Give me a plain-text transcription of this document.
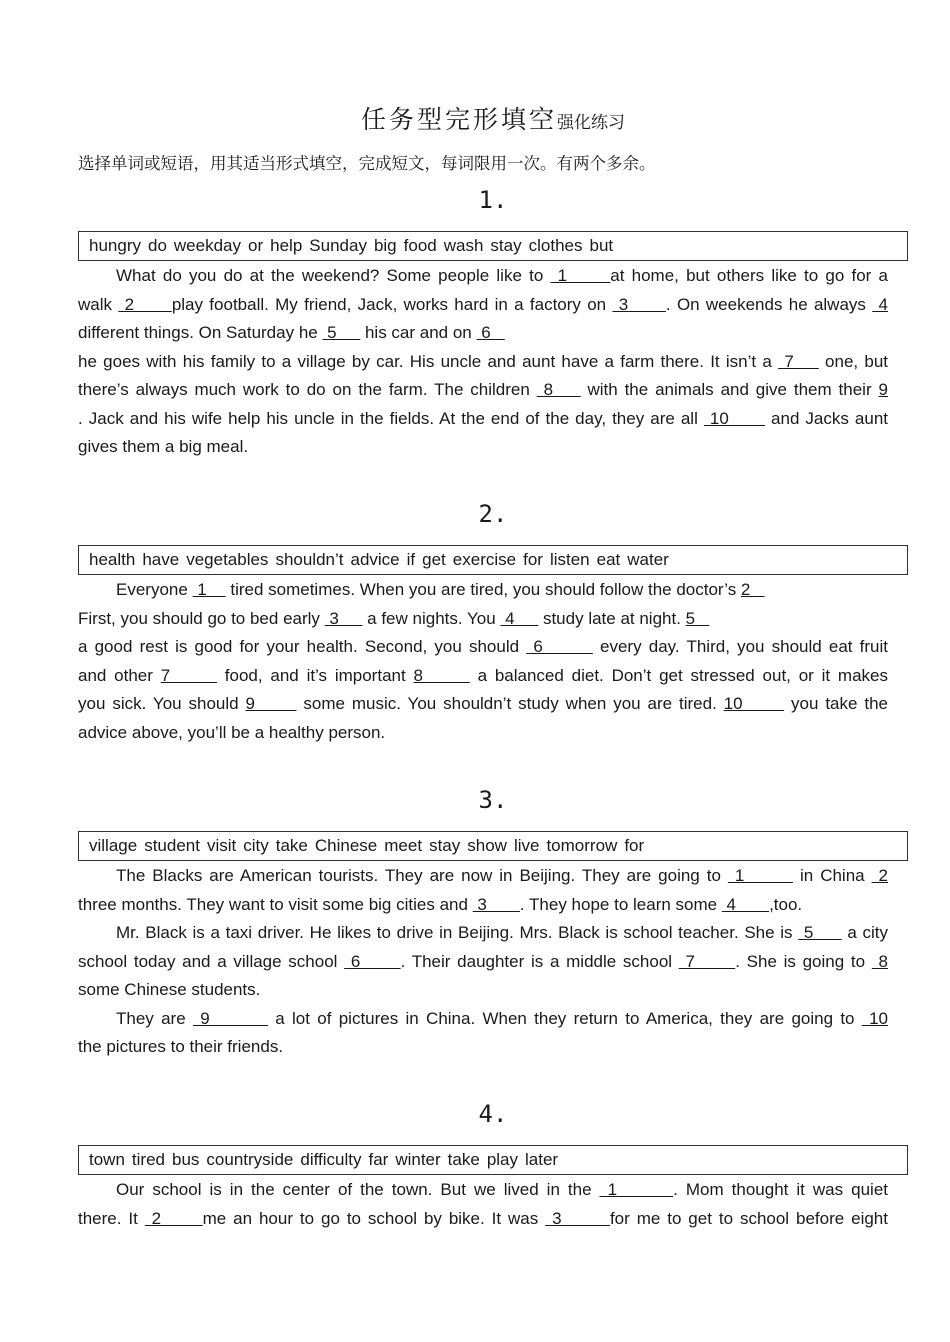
任务型完形填空强化练习
选择单词或短语，用其适当形式填空，完成短文，每词限用一次。有两个多余。
1.
hungry do weekday or help Sunday big food wash stay clothes but
What do you do at the weekend? Some people like to  1      at home, but others like to go for a
walk  2      play football. My friend, Jack, works hard in a factory on  3      . On weekends he always  4
different things. On Saturday he  5      his car and on  6
he goes with his family to a village by car. His uncle and aunt have a farm there. It isn’t a  7     one, but
there’s always much work to do on the farm. The children  8     with the animals and give them their 9
. Jack and his wife help his uncle in the fields. At the end of the day, they are all  10       and Jacks aunt
gives them a big meal.
2.
health have vegetables shouldn’t advice if get exercise for listen eat water
Everyone  1     tired sometimes. When you are tired, you should follow the doctor’s 2
First, you should go to bed early  3      a few nights. You  4      study late at night. 5
a good rest is good for your health. Second, you should  6        every day. Third, you should eat fruit
and other 7       food, and it’s important 8       a balanced diet. Don’t get stressed out, or it makes
you sick. You should 9       some music. You shouldn’t study when you are tired. 10       you take the
advice above, you’ll be a healthy person.
3.
village student visit city take Chinese meet stay show live tomorrow for
The Blacks are American tourists. They are now in Beijing. They are going to  1        in China  2
three months. They want to visit some big cities and  3       . They hope to learn some  4       ,too.
Mr. Black is a taxi driver. He likes to drive in Beijing. Mrs. Black is school teacher. She is  5      a city
school today and a village school  6      . Their daughter is a middle school  7      . She is going to  8
some Chinese students.
They are  9         a lot of pictures in China. When they return to America, they are going to  10
the pictures to their friends.
4.
town tired bus countryside difficulty far winter take play later
Our school is in the center of the town. But we lived in the  1       . Mom thought it was quiet
there. It  2      me an hour to go to school by bike. It was  3       for me to get to school before eight
